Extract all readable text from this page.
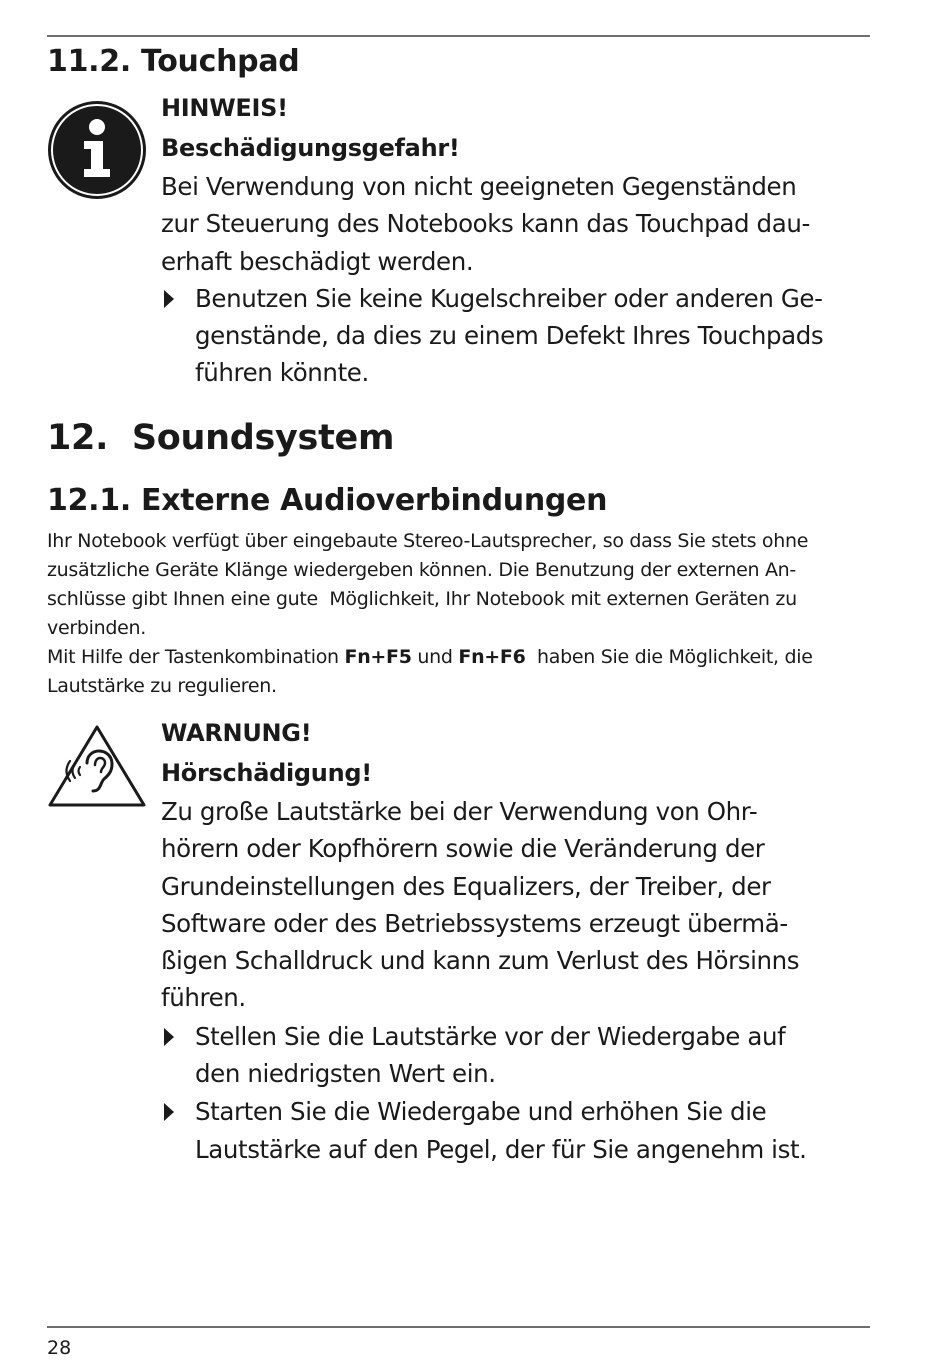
11.2. Touchpad
HINWEIS!
Beschädigungsgefahr!

Bei Verwendung von nicht geeigneten Gegenständen

zur Steuerung des Notebooks kann das Touchpad dau-

erhaft beschädigt werden.

Benutzen Sie keine Kugelschreiber oder anderen Ge-

genstände, da dies zu einem Defekt Ihres Touchpads

führen könnte.

12.  Soundsystem
12.1. Externe Audioverbindungen

Ihr Notebook verfügt über eingebaute Stereo-Lautsprecher, so dass Sie stets ohne

zusätzliche Geräte Klänge wiedergeben können. Die Benutzung der externen An-

schlüsse gibt Ihnen eine gute  Möglichkeit, Ihr Notebook mit externen Geräten zu

verbinden.

Mit Hilfe der Tastenkombination Fn+F5 und Fn+F6  haben Sie die Möglichkeit, die

Lautstärke zu regulieren.

WARNUNG!
Hörschädigung!

Zu große Lautstärke bei der Verwendung von Ohr-

hörern oder Kopfhörern sowie die Veränderung der

Grundeinstellungen des Equalizers, der Treiber, der

Software oder des Betriebssystems erzeugt übermä-

ßigen Schalldruck und kann zum Verlust des Hörsinns

führen.

Stellen Sie die Lautstärke vor der Wiedergabe auf

den niedrigsten Wert ein.

Starten Sie die Wiedergabe und erhöhen Sie die

Lautstärke auf den Pegel, der für Sie angenehm ist.

28
